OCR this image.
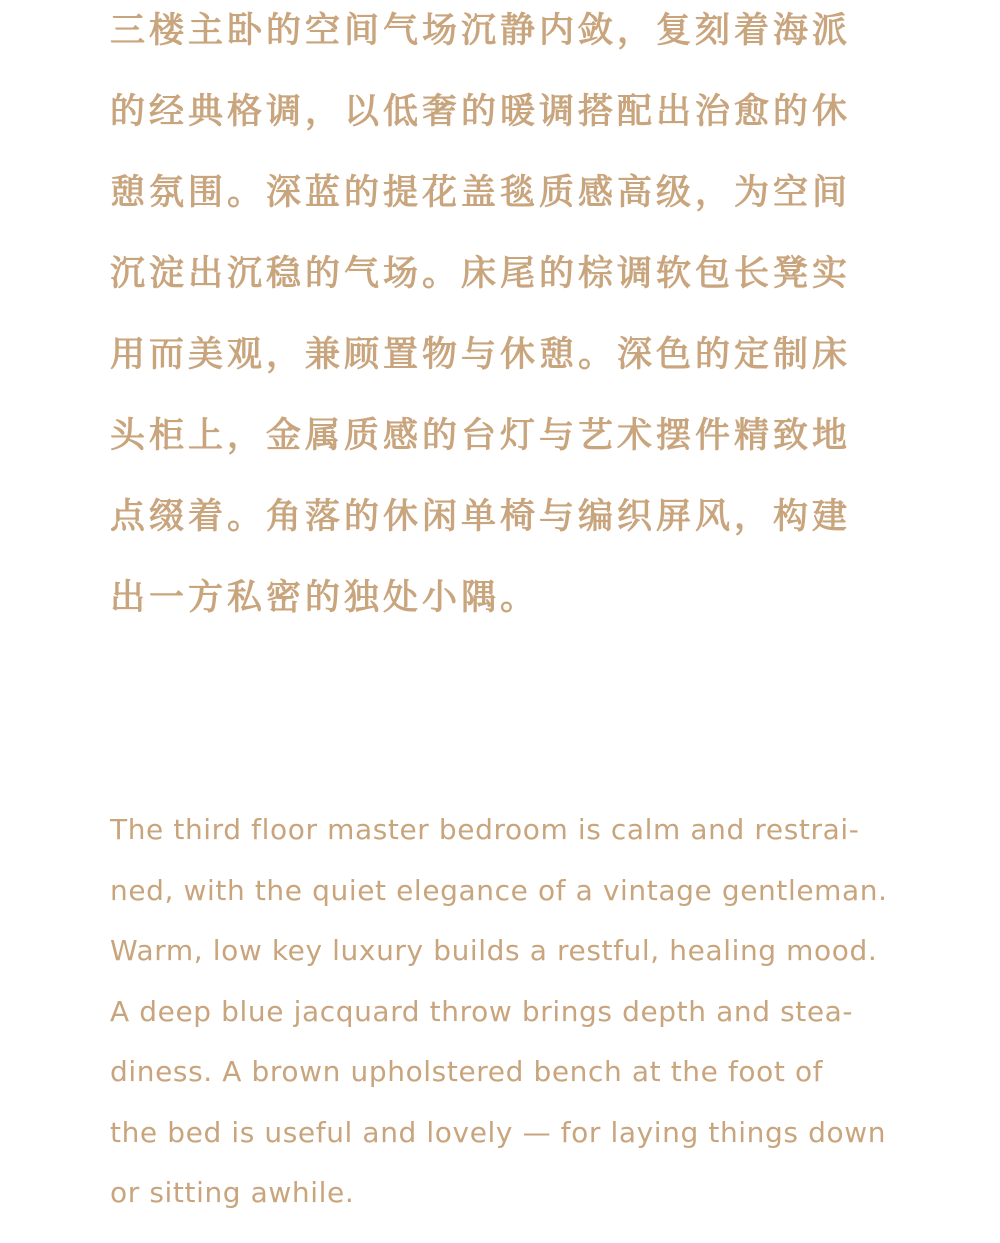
三楼主卧的空间气场沉静内敛，复刻着海派
的经典格调，以低奢的暖调搭配出治愈的休
憩氛围。深蓝的提花盖毯质感高级，为空间
沉淀出沉稳的气场。床尾的棕调软包长凳实
用而美观，兼顾置物与休憩。深色的定制床
头柜上，金属质感的台灯与艺术摆件精致地
点缀着。角落的休闲单椅与编织屏风，构建
出一方私密的独处小隅。
The third floor master bedroom is calm and restrai-
ned, with the quiet elegance of a vintage gentleman.
Warm, low key luxury builds a restful, healing mood.
A deep blue jacquard throw brings depth and stea-
diness. A brown upholstered bench at the foot of
the bed is useful and lovely — for laying things down
or sitting awhile.
